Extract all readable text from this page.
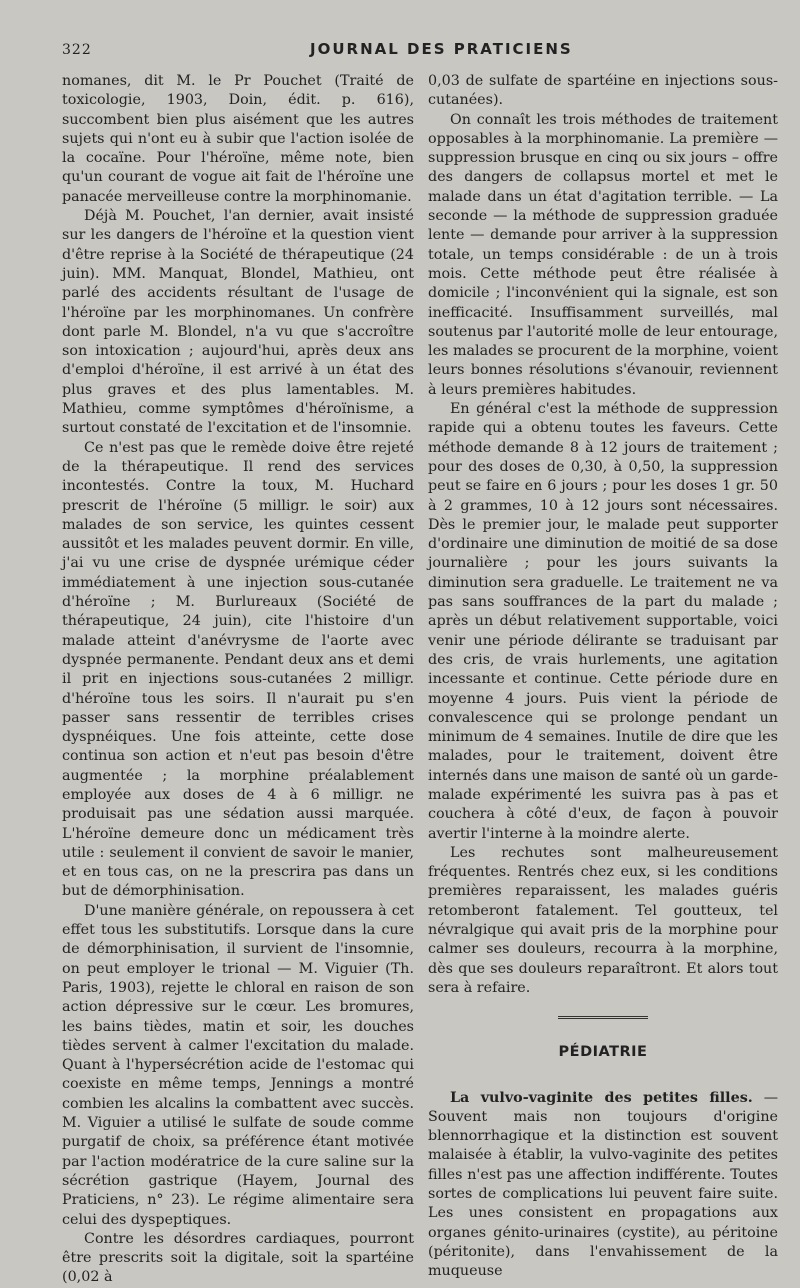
322	JOURNAL DES PRATICIENS

nomanes, dit M. le Pr Pouchet (Traité de toxicologie, 1903, Doin, édit. p. 616), succombent bien plus aisément que les autres sujets qui n'ont eu à subir que l'action isolée de la cocaïne. Pour l'héroïne, même note, bien qu'un courant de vogue ait fait de l'héroïne une panacée merveilleuse contre la morphinomanie.

Déjà M. Pouchet, l'an dernier, avait insisté sur les dangers de l'héroïne et la question vient d'être reprise à la Société de thérapeutique (24 juin). MM. Manquat, Blondel, Mathieu, ont parlé des accidents résultant de l'usage de l'héroïne par les morphinomanes. Un confrère dont parle M. Blondel, n'a vu que s'accroître son intoxication ; aujourd'hui, après deux ans d'emploi d'héroïne, il est arrivé à un état des plus graves et des plus lamentables. M. Mathieu, comme symptômes d'héroïnisme, a surtout constaté de l'excitation et de l'insomnie.

Ce n'est pas que le remède doive être rejeté de la thérapeutique. Il rend des services incontestés. Contre la toux, M. Huchard prescrit de l'héroïne (5 milligr. le soir) aux malades de son service, les quintes cessent aussitôt et les malades peuvent dormir. En ville, j'ai vu une crise de dyspnée urémique céder immédiatement à une injection sous-cutanée d'héroïne ; M. Burlureaux (Société de thérapeutique, 24 juin), cite l'histoire d'un malade atteint d'anévrysme de l'aorte avec dyspnée permanente. Pendant deux ans et demi il prit en injections sous-cutanées 2 milligr. d'héroïne tous les soirs. Il n'aurait pu s'en passer sans ressentir de terribles crises dyspnéiques. Une fois atteinte, cette dose continua son action et n'eut pas besoin d'être augmentée ; la morphine préalablement employée aux doses de 4 à 6 milligr. ne produisait pas une sédation aussi marquée. L'héroïne demeure donc un médicament très utile : seulement il convient de savoir le manier, et en tous cas, on ne la prescrira pas dans un but de démorphinisation.

D'une manière générale, on repoussera à cet effet tous les substitutifs. Lorsque dans la cure de démorphinisation, il survient de l'insomnie, on peut employer le trional — M. Viguier (Th. Paris, 1903), rejette le chloral en raison de son action dépressive sur le cœur. Les bromures, les bains tièdes, matin et soir, les douches tièdes servent à calmer l'excitation du malade. Quant à l'hypersécrétion acide de l'estomac qui coexiste en même temps, Jennings a montré combien les alcalins la combattent avec succès. M. Viguier a utilisé le sulfate de soude comme purgatif de choix, sa préférence étant motivée par l'action modératrice de la cure saline sur la sécrétion gastrique (Hayem, Journal des Praticiens, n° 23). Le régime alimentaire sera celui des dyspeptiques.

Contre les désordres cardiaques, pourront être prescrits soit la digitale, soit la spartéine (0,02 à

0,03 de sulfate de spartéine en injections sous-cutanées).

On connaît les trois méthodes de traitement opposables à la morphinomanie. La première — suppression brusque en cinq ou six jours – offre des dangers de collapsus mortel et met le malade dans un état d'agitation terrible. — La seconde — la méthode de suppression graduée lente — demande pour arriver à la suppression totale, un temps considérable : de un à trois mois. Cette méthode peut être réalisée à domicile ; l'inconvénient qui la signale, est son inefficacité. Insuffisamment surveillés, mal soutenus par l'autorité molle de leur entourage, les malades se procurent de la morphine, voient leurs bonnes résolutions s'évanouir, reviennent à leurs premières habitudes.

En général c'est la méthode de suppression rapide qui a obtenu toutes les faveurs. Cette méthode demande 8 à 12 jours de traitement ; pour des doses de 0,30, à 0,50, la suppression peut se faire en 6 jours ; pour les doses 1 gr. 50 à 2 grammes, 10 à 12 jours sont nécessaires. Dès le premier jour, le malade peut supporter d'ordinaire une diminution de moitié de sa dose journalière ; pour les jours suivants la diminution sera graduelle. Le traitement ne va pas sans souffrances de la part du malade ; après un début relativement supportable, voici venir une période délirante se traduisant par des cris, de vrais hurlements, une agitation incessante et continue. Cette période dure en moyenne 4 jours. Puis vient la période de convalescence qui se prolonge pendant un minimum de 4 semaines. Inutile de dire que les malades, pour le traitement, doivent être internés dans une maison de santé où un garde-malade expérimenté les suivra pas à pas et couchera à côté d'eux, de façon à pouvoir avertir l'interne à la moindre alerte.

Les rechutes sont malheureusement fréquentes. Rentrés chez eux, si les conditions premières reparaissent, les malades guéris retomberont fatalement. Tel goutteux, tel névralgique qui avait pris de la morphine pour calmer ses douleurs, recourra à la morphine, dès que ses douleurs reparaîtront. Et alors tout sera à refaire.

PÉDIATRIE

La vulvo-vaginite des petites filles. — Souvent mais non toujours d'origine blennorrhagique et la distinction est souvent malaisée à établir, la vulvo-vaginite des petites filles n'est pas une affection indifférente. Toutes sortes de complications lui peuvent faire suite. Les unes consistent en propagations aux organes génito-urinaires (cystite), au péritoine (péritonite), dans l'envahissement de la muqueuse
